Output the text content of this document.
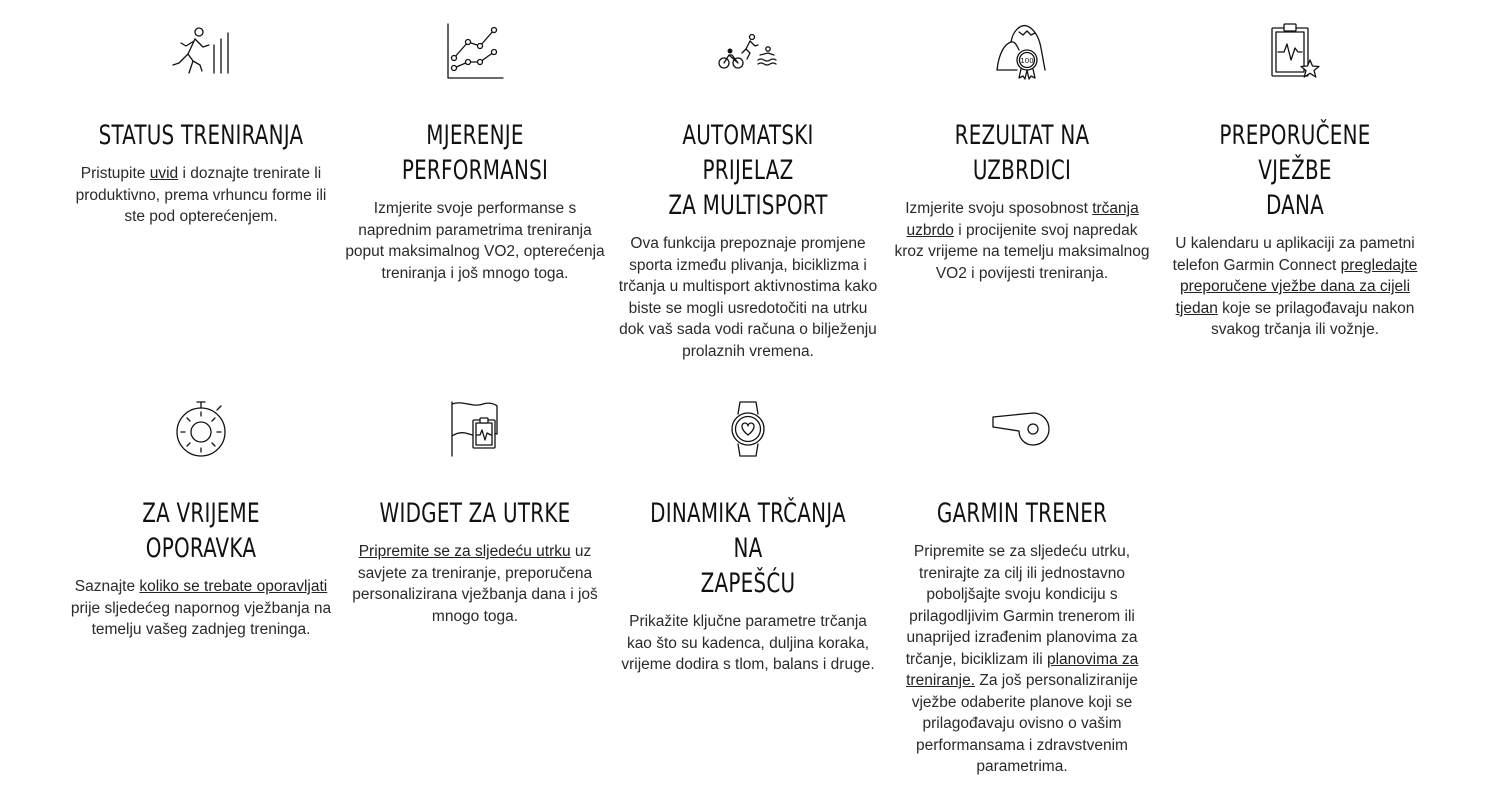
STATUS TRENIRANJA

Pristupite uvid i doznajte trenirate li produktivno, prema vrhuncu forme ili ste pod opterećenjem.

MJERENJE
PERFORMANSI

Izmjerite svoje performanse s naprednim parametrima treniranja poput maksimalnog VO2, opterećenja treniranja i još mnogo toga.

AUTOMATSKI PRIJELAZ
ZA MULTISPORT

Ova funkcija prepoznaje promjene sporta između plivanja, biciklizma i trčanja u multisport aktivnostima kako biste se mogli usredotočiti na utrku dok vaš sada vodi računa o bilježenju prolaznih vremena.

100
REZULTAT NA UZBRDICI

Izmjerite svoju sposobnost trčanja uzbrdo i procijenite svoj napredak kroz vrijeme na temelju maksimalnog VO2 i povijesti treniranja.

PREPORUČENE VJEŽBE
DANA

U kalendaru u aplikaciji za pametni telefon Garmin Connect pregledajte preporučene vježbe dana za cijeli tjedan koje se prilagođavaju nakon svakog trčanja ili vožnje.

ZA VRIJEME OPORAVKA

Saznajte koliko se trebate oporavljati prije sljedećeg napornog vježbanja na temelju vašeg zadnjeg treninga.

WIDGET ZA UTRKE

Pripremite se za sljedeću utrku uz savjete za treniranje, preporučena personalizirana vježbanja dana i još mnogo toga.

DINAMIKA TRČANJA NA
ZAPEŠĆU

Prikažite ključne parametre trčanja kao što su kadenca, duljina koraka, vrijeme dodira s tlom, balans i druge.

GARMIN TRENER

Pripremite se za sljedeću utrku, trenirajte za cilj ili jednostavno poboljšajte svoju kondiciju s prilagodljivim Garmin trenerom ili unaprijed izrađenim planovima za trčanje, biciklizam ili planovima za treniranje. Za još personaliziranije vježbe odaberite planove koji se prilagođavaju ovisno o vašim performansama i zdravstvenim parametrima.
